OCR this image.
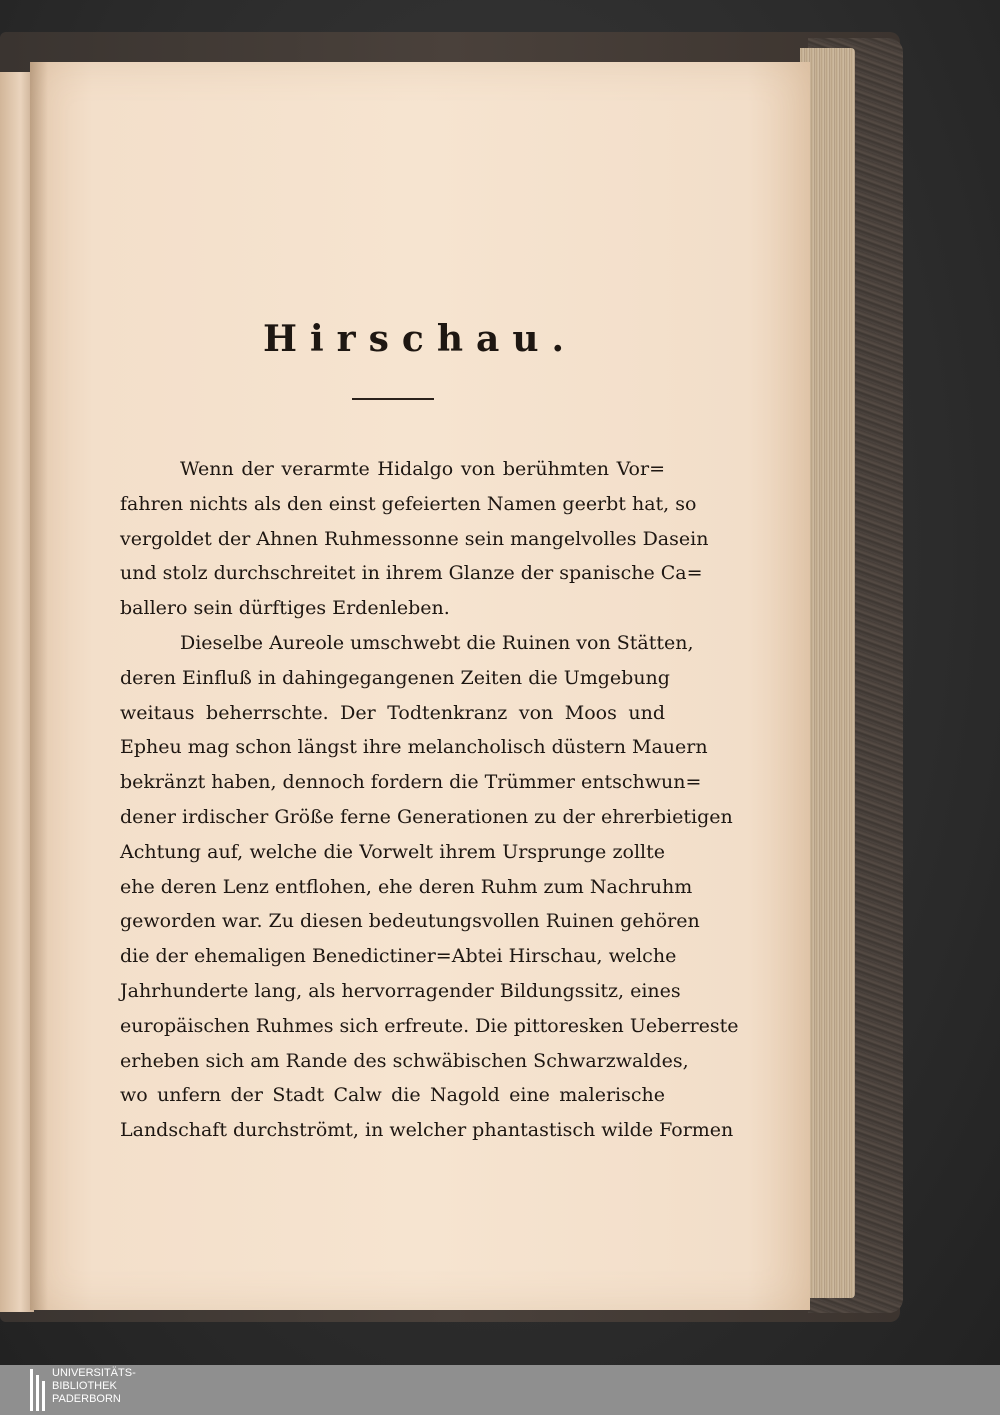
Hirschau.
Wenn der verarmte Hidalgo von berühmten Vor=
fahren nichts als den einst gefeierten Namen geerbt hat, so
vergoldet der Ahnen Ruhmessonne sein mangelvolles Dasein
und stolz durchschreitet in ihrem Glanze der spanische Ca=
ballero sein dürftiges Erdenleben.
Dieselbe Aureole umschwebt die Ruinen von Stätten,
deren Einfluß in dahingegangenen Zeiten die Umgebung
weitaus beherrschte. Der Todtenkranz von Moos und
Epheu mag schon längst ihre melancholisch düstern Mauern
bekränzt haben, dennoch fordern die Trümmer entschwun=
dener irdischer Größe ferne Generationen zu der ehrerbietigen
Achtung auf, welche die Vorwelt ihrem Ursprunge zollte
ehe deren Lenz entflohen, ehe deren Ruhm zum Nachruhm
geworden war. Zu diesen bedeutungsvollen Ruinen gehören
die der ehemaligen Benedictiner=Abtei Hirschau, welche
Jahrhunderte lang, als hervorragender Bildungssitz, eines
europäischen Ruhmes sich erfreute. Die pittoresken Ueberreste
erheben sich am Rande des schwäbischen Schwarzwaldes,
wo unfern der Stadt Calw die Nagold eine malerische
Landschaft durchströmt, in welcher phantastisch wilde Formen
UNIVERSITÄTS-
BIBLIOTHEK
PADERBORN
